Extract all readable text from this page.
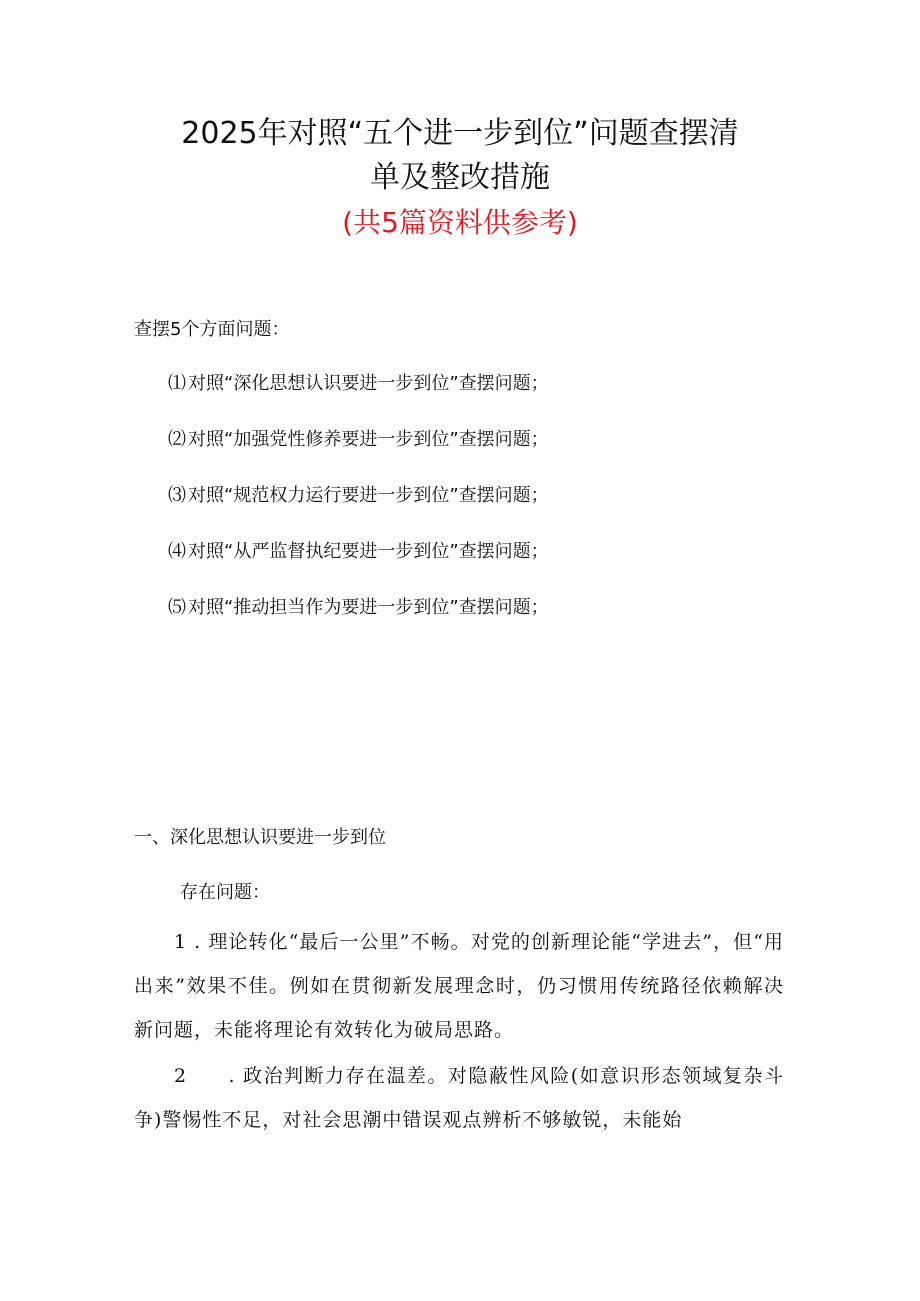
2025年对照“五个进一步到位”问题查摆清
单及整改措施
(共5篇资料供参考)
查摆5个方面问题：
⑴ 对照“深化思想认识要进一步到位”查摆问题；
⑵ 对照“加强党性修养要进一步到位”查摆问题；
⑶ 对照“规范权力运行要进一步到位”查摆问题；
⑷ 对照“从严监督执纪要进一步到位”查摆问题；
⑸ 对照“推动担当作为要进一步到位”查摆问题；
一、深化思想认识要进一步到位
存在问题：
1 . 理论转化“最后一公里”不畅。对党的创新理论能“学进去”，但“用出来”效果不佳。例如在贯彻新发展理念时，仍习惯用传统路径依赖解决新问题，未能将理论有效转化为破局思路。
2　　. 政治判断力存在温差。对隐蔽性风险(如意识形态领域复杂斗争)警惕性不足，对社会思潮中错误观点辨析不够敏锐，未能始
